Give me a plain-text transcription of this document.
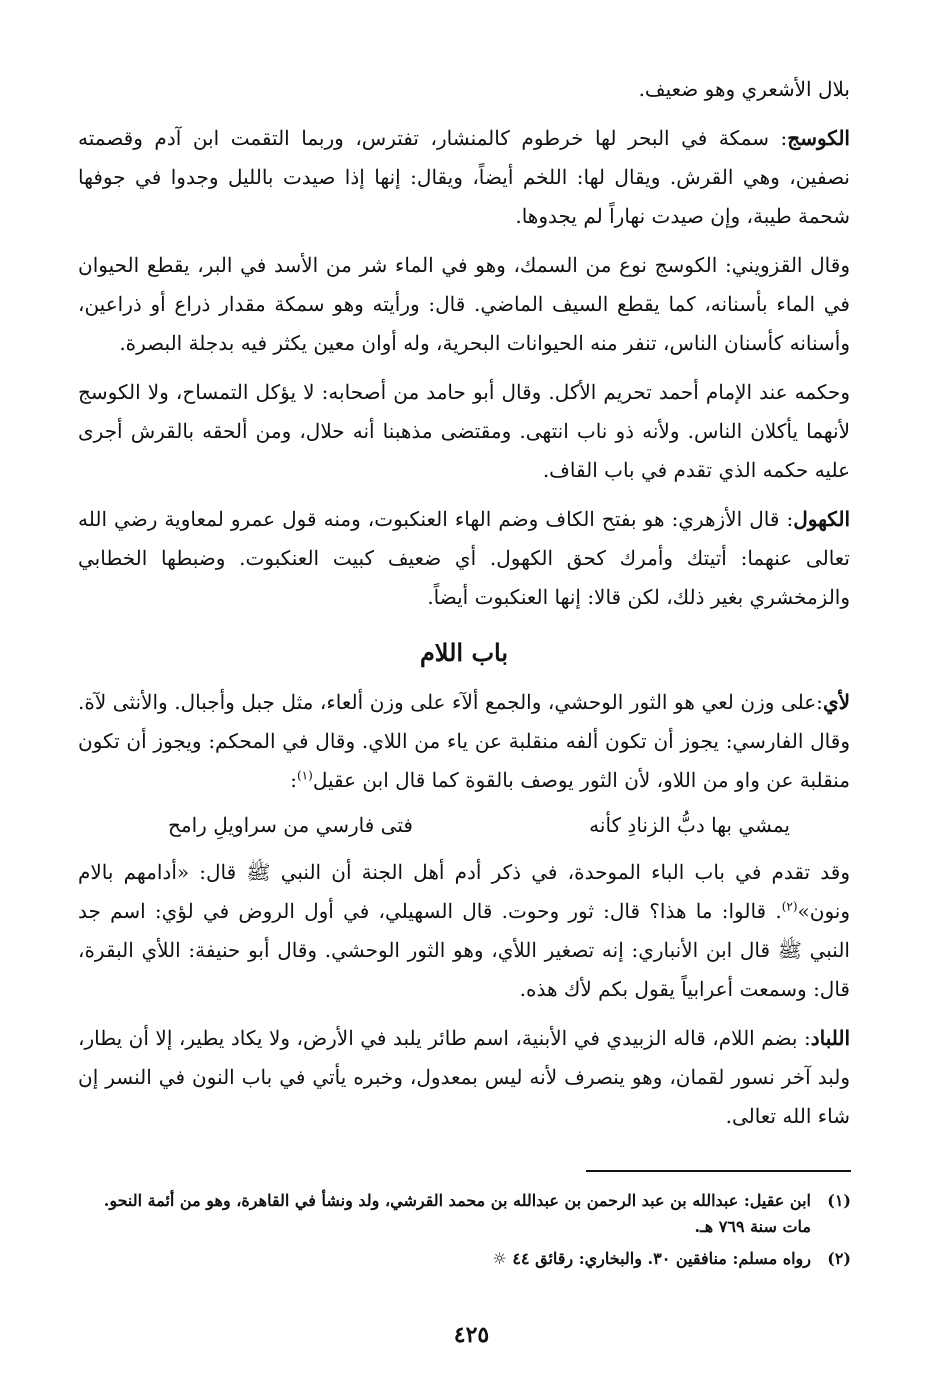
بلال الأشعري وهو ضعيف.

الكوسج: سمكة في البحر لها خرطوم كالمنشار، تفترس، وربما التقمت ابن آدم وقصمته نصفين، وهي القرش. ويقال لها: اللخم أيضاً، ويقال: إنها إذا صيدت بالليل وجدوا في جوفها شحمة طيبة، وإن صيدت نهاراً لم يجدوها.

وقال القزويني: الكوسج نوع من السمك، وهو في الماء شر من الأسد في البر، يقطع الحيوان في الماء بأسنانه، كما يقطع السيف الماضي. قال: ورأيته وهو سمكة مقدار ذراع أو ذراعين، وأسنانه كأسنان الناس، تنفر منه الحيوانات البحرية، وله أوان معين يكثر فيه بدجلة البصرة.

وحكمه عند الإمام أحمد تحريم الأكل. وقال أبو حامد من أصحابه: لا يؤكل التمساح، ولا الكوسج لأنهما يأكلان الناس. ولأنه ذو ناب انتهى. ومقتضى مذهبنا أنه حلال، ومن ألحقه بالقرش أجرى عليه حكمه الذي تقدم في باب القاف.

الكهول: قال الأزهري: هو بفتح الكاف وضم الهاء العنكبوت، ومنه قول عمرو لمعاوية رضي الله تعالى عنهما: أتيتك وأمرك كحق الكهول. أي ضعيف كبيت العنكبوت. وضبطها الخطابي والزمخشري بغير ذلك، لكن قالا: إنها العنكبوت أيضاً.

باب اللام

لأي:على وزن لعي هو الثور الوحشي، والجمع ألآء على وزن ألعاء، مثل جبل وأجبال. والأنثى لآة. وقال الفارسي: يجوز أن تكون ألفه منقلبة عن ياء من اللاي. وقال في المحكم: ويجوز أن تكون منقلبة عن واو من اللاو، لأن الثور يوصف بالقوة كما قال ابن عقيل$^{(١)}$:

يمشي بها دبُّ الزنادِ كأنه
فتى فارسي من سراويلِ رامح

وقد تقدم في باب الباء الموحدة، في ذكر أدم أهل الجنة أن النبي ﷺ قال: «أدامهم بالام ونون»$^{(٢)}$. قالوا: ما هذا؟ قال: ثور وحوت. قال السهيلي، في أول الروض في لؤي: اسم جد النبي ﷺ قال ابن الأنباري: إنه تصغير اللأي، وهو الثور الوحشي. وقال أبو حنيفة: اللأي البقرة، قال: وسمعت أعرابياً يقول بكم لأك هذه.

اللباد: بضم اللام، قاله الزبيدي في الأبنية، اسم طائر يلبد في الأرض، ولا يكاد يطير، إلا أن يطار، ولبد آخر نسور لقمان، وهو ينصرف لأنه ليس بمعدول، وخبره يأتي في باب النون في النسر إن شاء الله تعالى.

(١)
ابن عقيل: عبدالله بن عبد الرحمن بن عبدالله بن محمد القرشي، ولد ونشأ في القاهرة، وهو من أئمة النحو. مات سنة ٧٦٩ هـ.
(٢)
رواه مسلم: منافقين ٣٠. والبخاري: رقائق ٤٤ ☼
٤٢٥
